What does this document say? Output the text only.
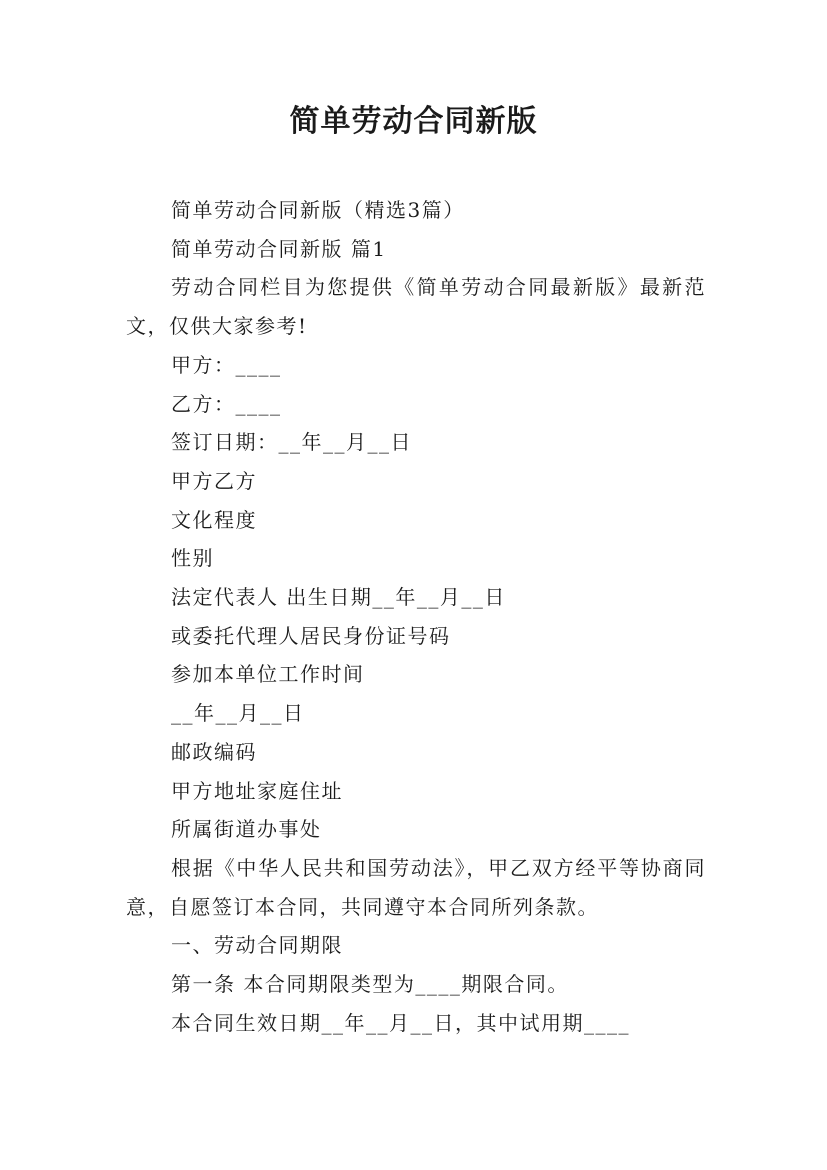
简单劳动合同新版

简单劳动合同新版（精选3篇）

简单劳动合同新版 篇1

劳动合同栏目为您提供《简单劳动合同最新版》最新范文，仅供大家参考!

甲方：____

乙方：____

签订日期：__年__月__日

甲方乙方

文化程度

性别

法定代表人 出生日期__年__月__日

或委托代理人居民身份证号码

参加本单位工作时间

__年__月__日

邮政编码

甲方地址家庭住址

所属街道办事处

根据《中华人民共和国劳动法》，甲乙双方经平等协商同意，自愿签订本合同，共同遵守本合同所列条款。

一、劳动合同期限

第一条 本合同期限类型为____期限合同。

本合同生效日期__年__月__日，其中试用期____
